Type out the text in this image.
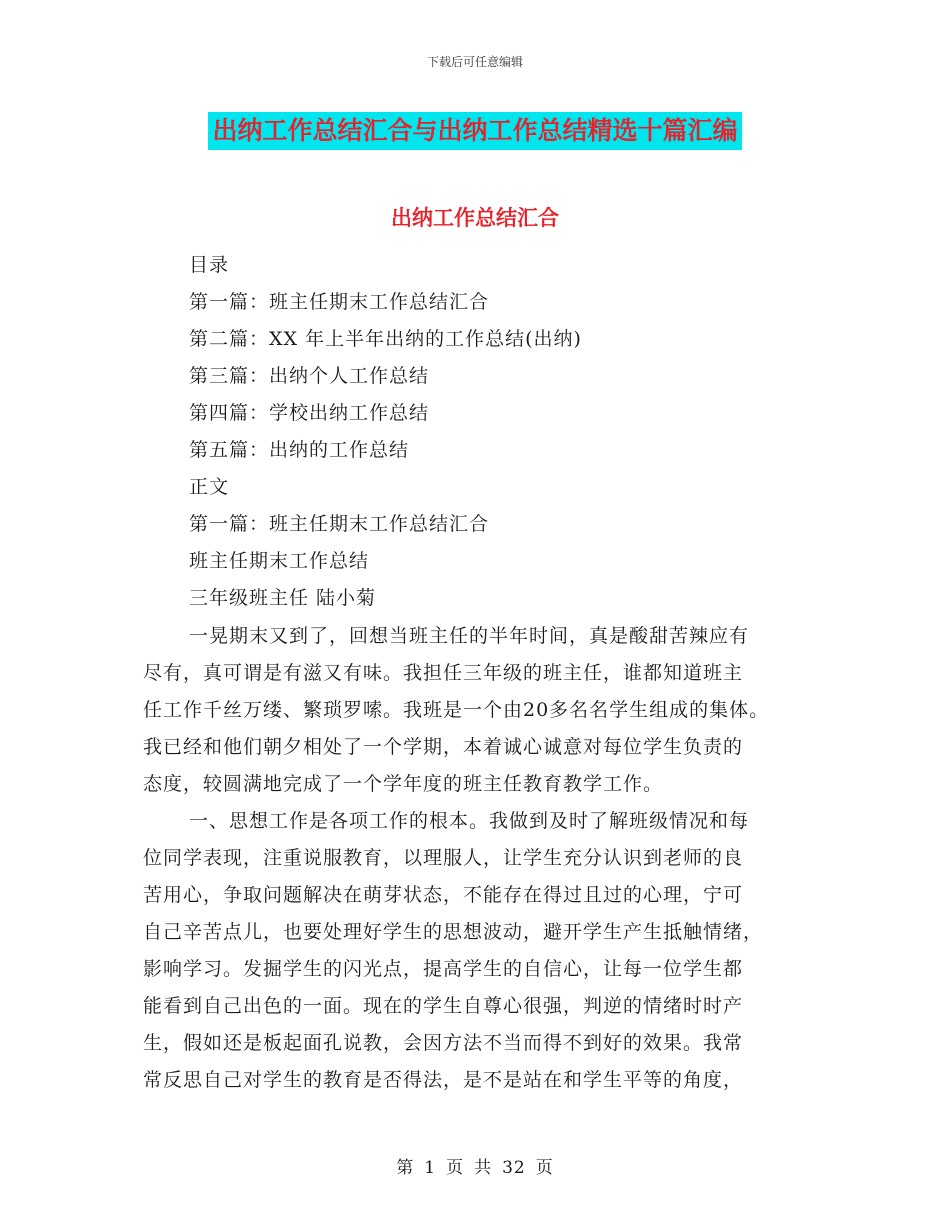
下载后可任意编辑
出纳工作总结汇合与出纳工作总结精选十篇汇编
出纳工作总结汇合
目录
第一篇：班主任期末工作总结汇合
第二篇：XX 年上半年出纳的工作总结(出纳)
第三篇：出纳个人工作总结
第四篇：学校出纳工作总结
第五篇：出纳的工作总结
正文
第一篇：班主任期末工作总结汇合
班主任期末工作总结
三年级班主任 陆小菊
一晃期末又到了，回想当班主任的半年时间，真是酸甜苦辣应有
尽有，真可谓是有滋又有味。我担任三年级的班主任，谁都知道班主
任工作千丝万缕、繁琐罗嗦。我班是一个由20多名名学生组成的集体。
我已经和他们朝夕相处了一个学期，本着诚心诚意对每位学生负责的
态度，较圆满地完成了一个学年度的班主任教育教学工作。
一、思想工作是各项工作的根本。我做到及时了解班级情况和每
位同学表现，注重说服教育，以理服人，让学生充分认识到老师的良
苦用心，争取问题解决在萌芽状态，不能存在得过且过的心理，宁可
自己辛苦点儿，也要处理好学生的思想波动，避开学生产生抵触情绪，
影响学习。发掘学生的闪光点，提高学生的自信心，让每一位学生都
能看到自己出色的一面。现在的学生自尊心很强，判逆的情绪时时产
生，假如还是板起面孔说教，会因方法不当而得不到好的效果。我常
常反思自己对学生的教育是否得法，是不是站在和学生平等的角度，
第 1 页 共 32 页
